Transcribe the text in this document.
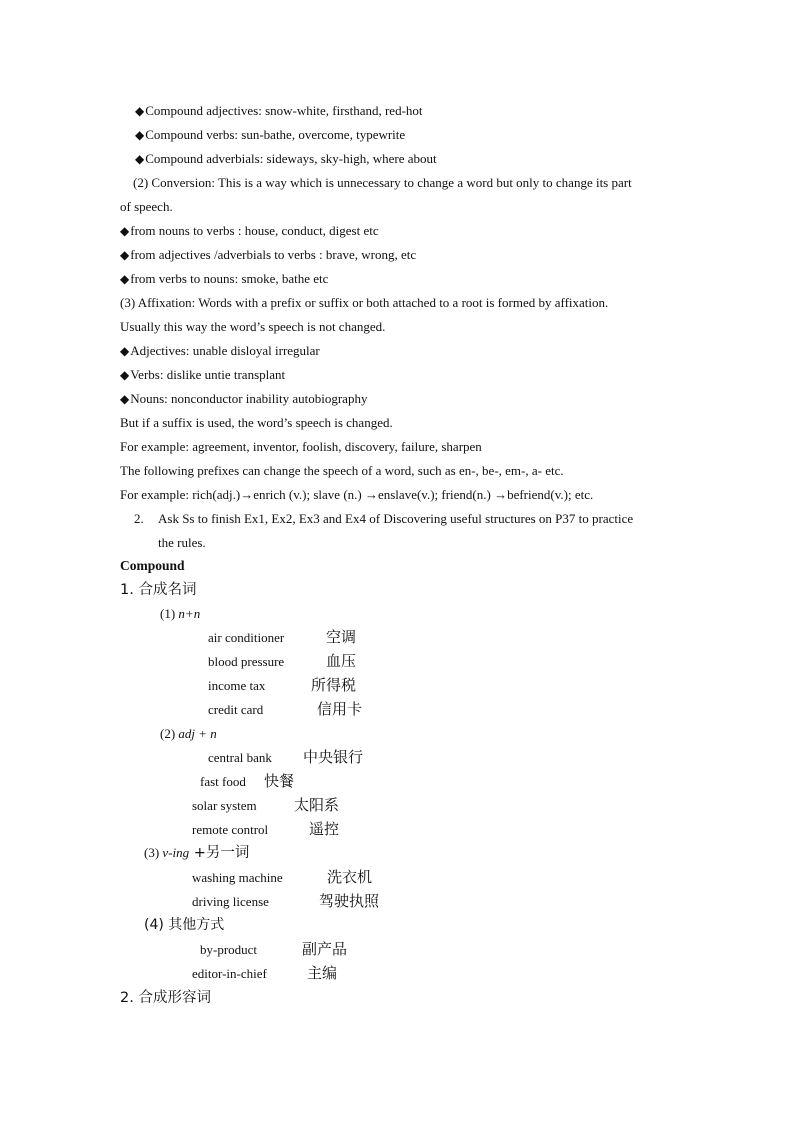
◆Compound adjectives: snow-white, firsthand, red-hot
◆Compound verbs: sun-bathe, overcome, typewrite
◆Compound adverbials: sideways, sky-high, where about
(2) Conversion: This is a way which is unnecessary to change a word but only to change its part
of speech.
◆from nouns to verbs : house, conduct, digest etc
◆from adjectives /adverbials to verbs : brave, wrong, etc
◆from verbs to nouns: smoke, bathe etc
(3) Affixation: Words with a prefix or suffix or both attached to a root is formed by affixation.
Usually this way the word’s speech is not changed.
◆Adjectives: unable disloyal irregular
◆Verbs: dislike untie transplant
◆Nouns: nonconductor inability autobiography
But if a suffix is used, the word’s speech is changed.
For example: agreement, inventor, foolish, discovery, failure, sharpen
The following prefixes can change the speech of a word, such as en-, be-, em-, a- etc.
For example: rich(adj.)→enrich (v.); slave (n.) →enslave(v.); friend(n.) →befriend(v.); etc.
2. Ask Ss to finish Ex1, Ex2, Ex3 and Ex4 of Discovering useful structures on P37 to practice
the rules.
Compound
1. 合成名词
(1) n+n
air conditioner	空调
blood pressure	血压
income tax	所得税
credit card	信用卡
(2) adj + n
central bank 中央银行
fast food 快餐
solar system 太阳系
remote control	遥控
(3) v-ing +另一词
washing machine	洗衣机
driving license	驾驶执照
(4) 其他方式
by-product	副产品
editor-in-chief	主编
2. 合成形容词
